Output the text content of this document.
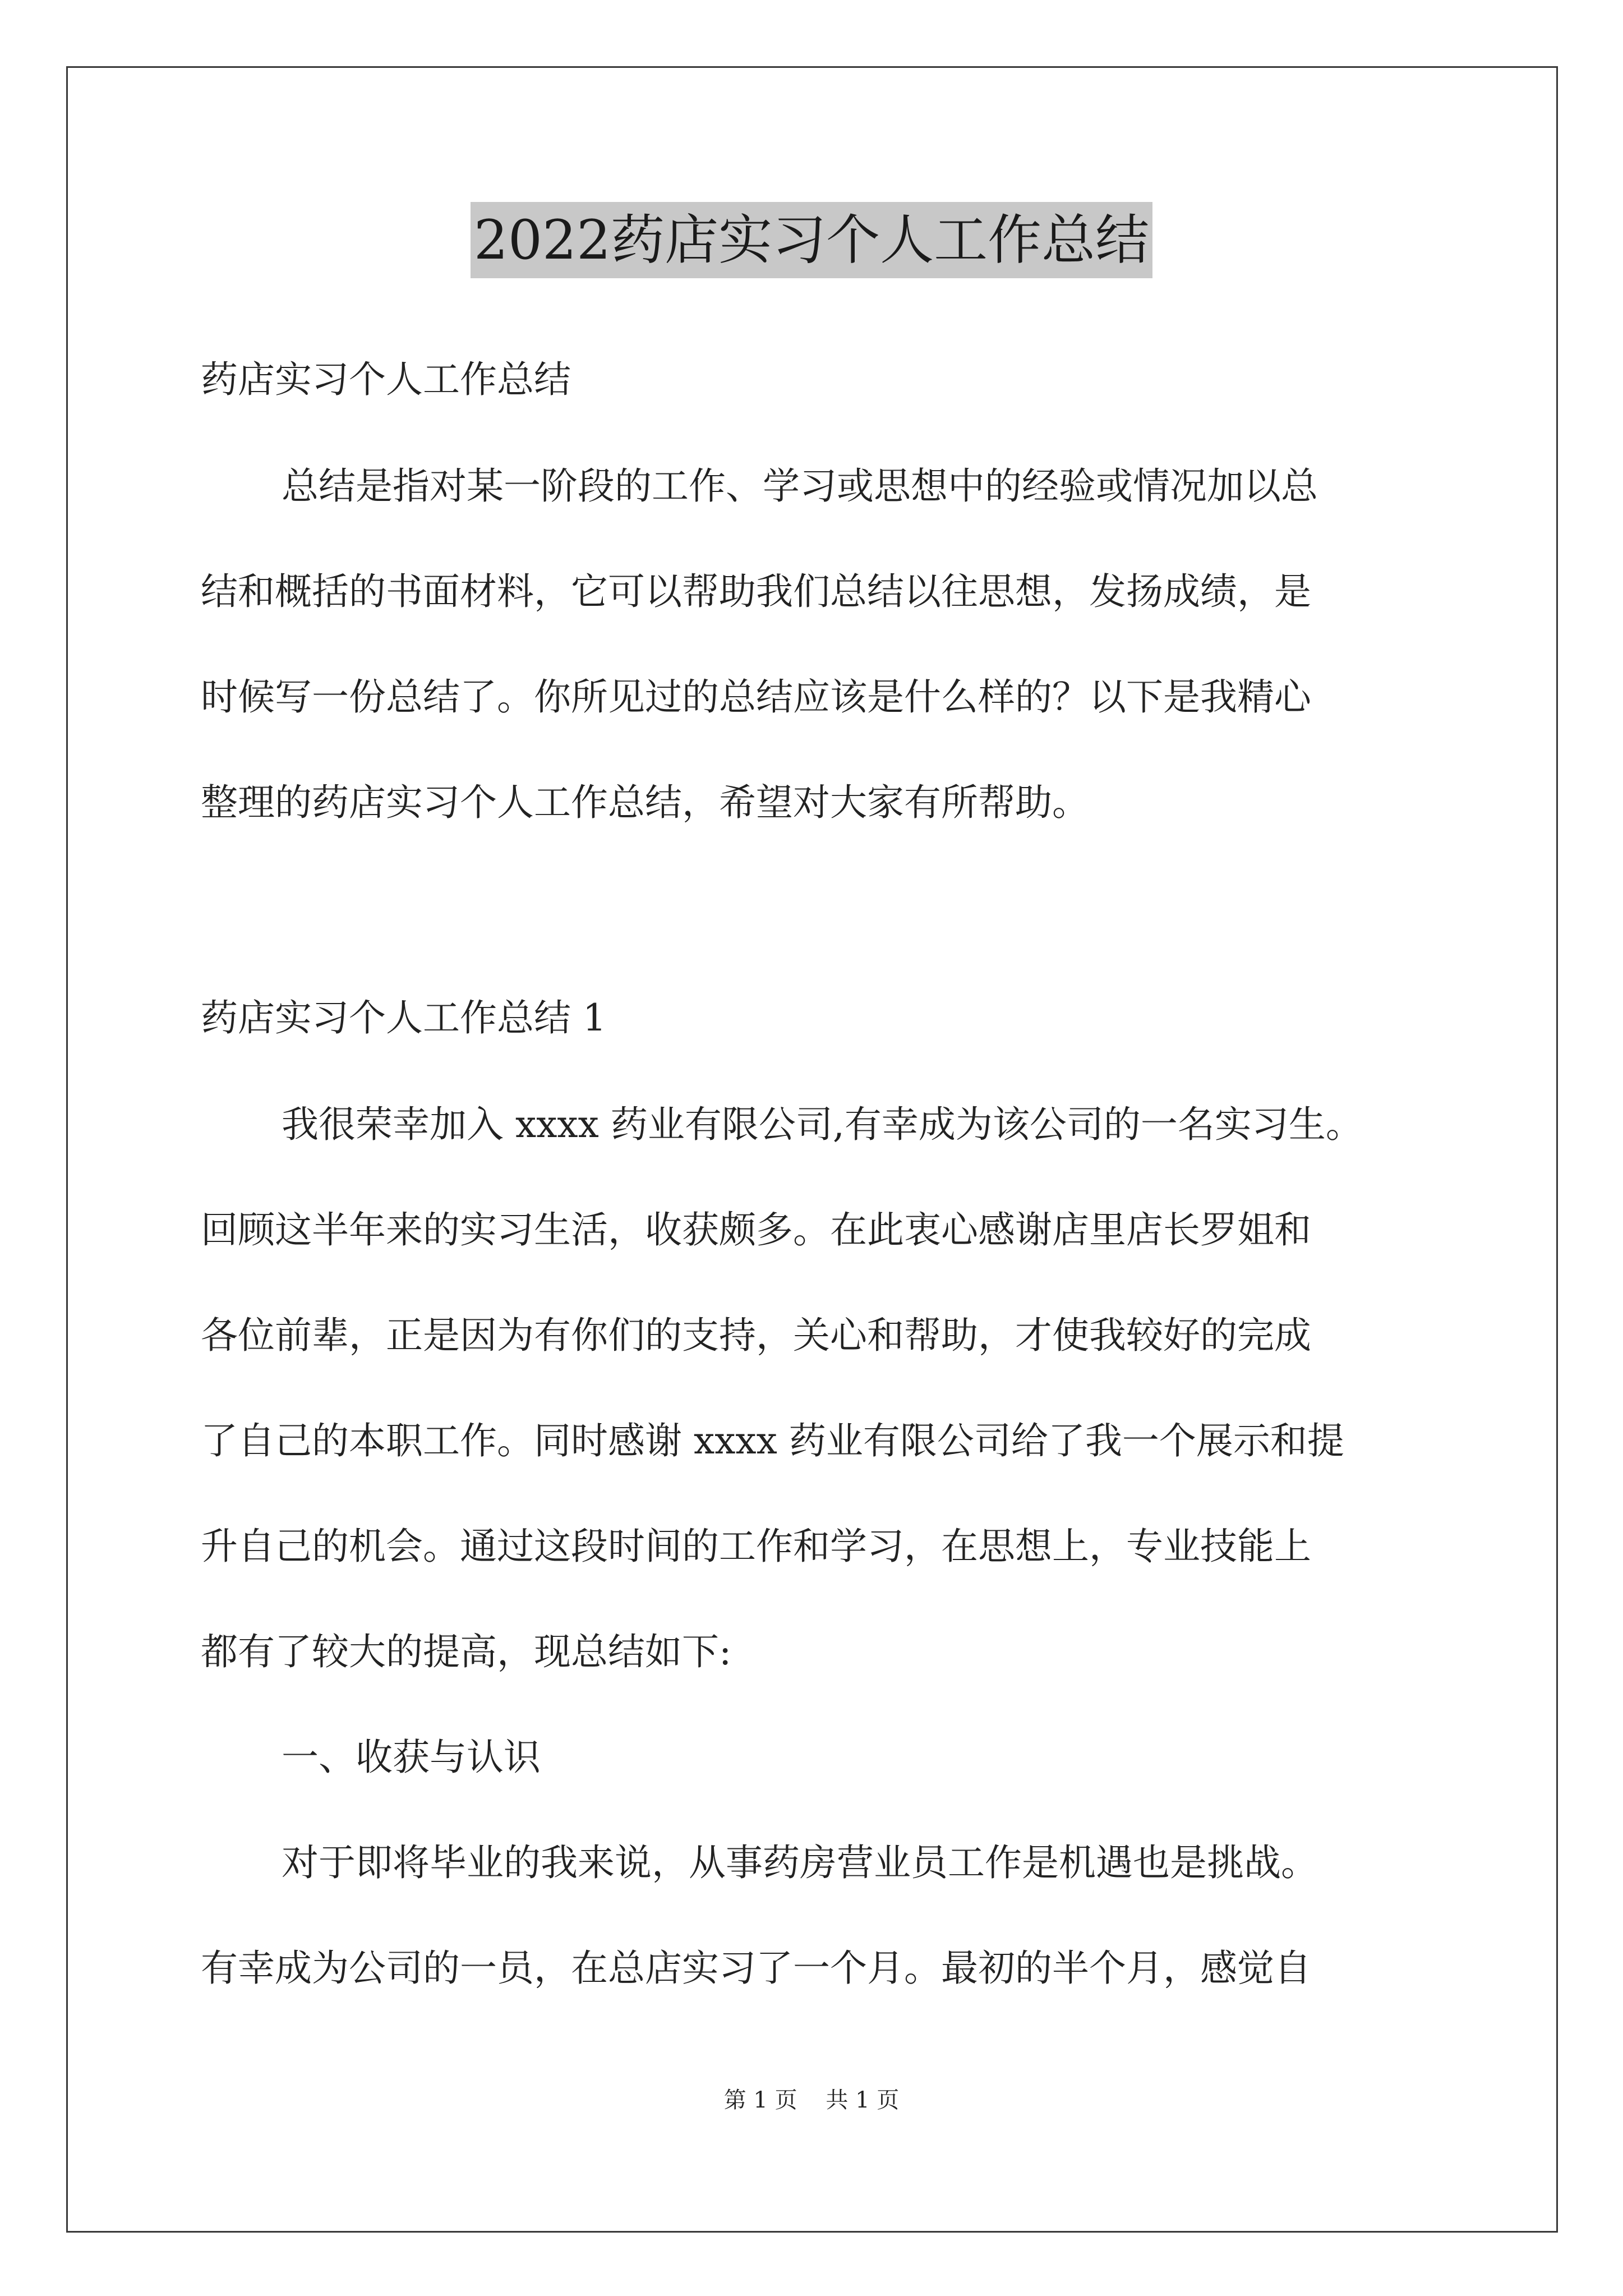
2022药店实习个人工作总结
药店实习个人工作总结
总结是指对某一阶段的工作、学习或思想中的经验或情况加以总
结和概括的书面材料，它可以帮助我们总结以往思想，发扬成绩，是
时候写一份总结了。你所见过的总结应该是什么样的？以下是我精心
整理的药店实习个人工作总结，希望对大家有所帮助。
药店实习个人工作总结 1
我很荣幸加入 xxxx 药业有限公司,有幸成为该公司的一名实习生。
回顾这半年来的实习生活，收获颇多。在此衷心感谢店里店长罗姐和
各位前辈，正是因为有你们的支持，关心和帮助，才使我较好的完成
了自己的本职工作。同时感谢 xxxx 药业有限公司给了我一个展示和提
升自己的机会。通过这段时间的工作和学习，在思想上，专业技能上
都有了较大的提高，现总结如下:
一、收获与认识
对于即将毕业的我来说，从事药房营业员工作是机遇也是挑战。
有幸成为公司的一员，在总店实习了一个月。最初的半个月，感觉自
第 1 页    共 1 页
